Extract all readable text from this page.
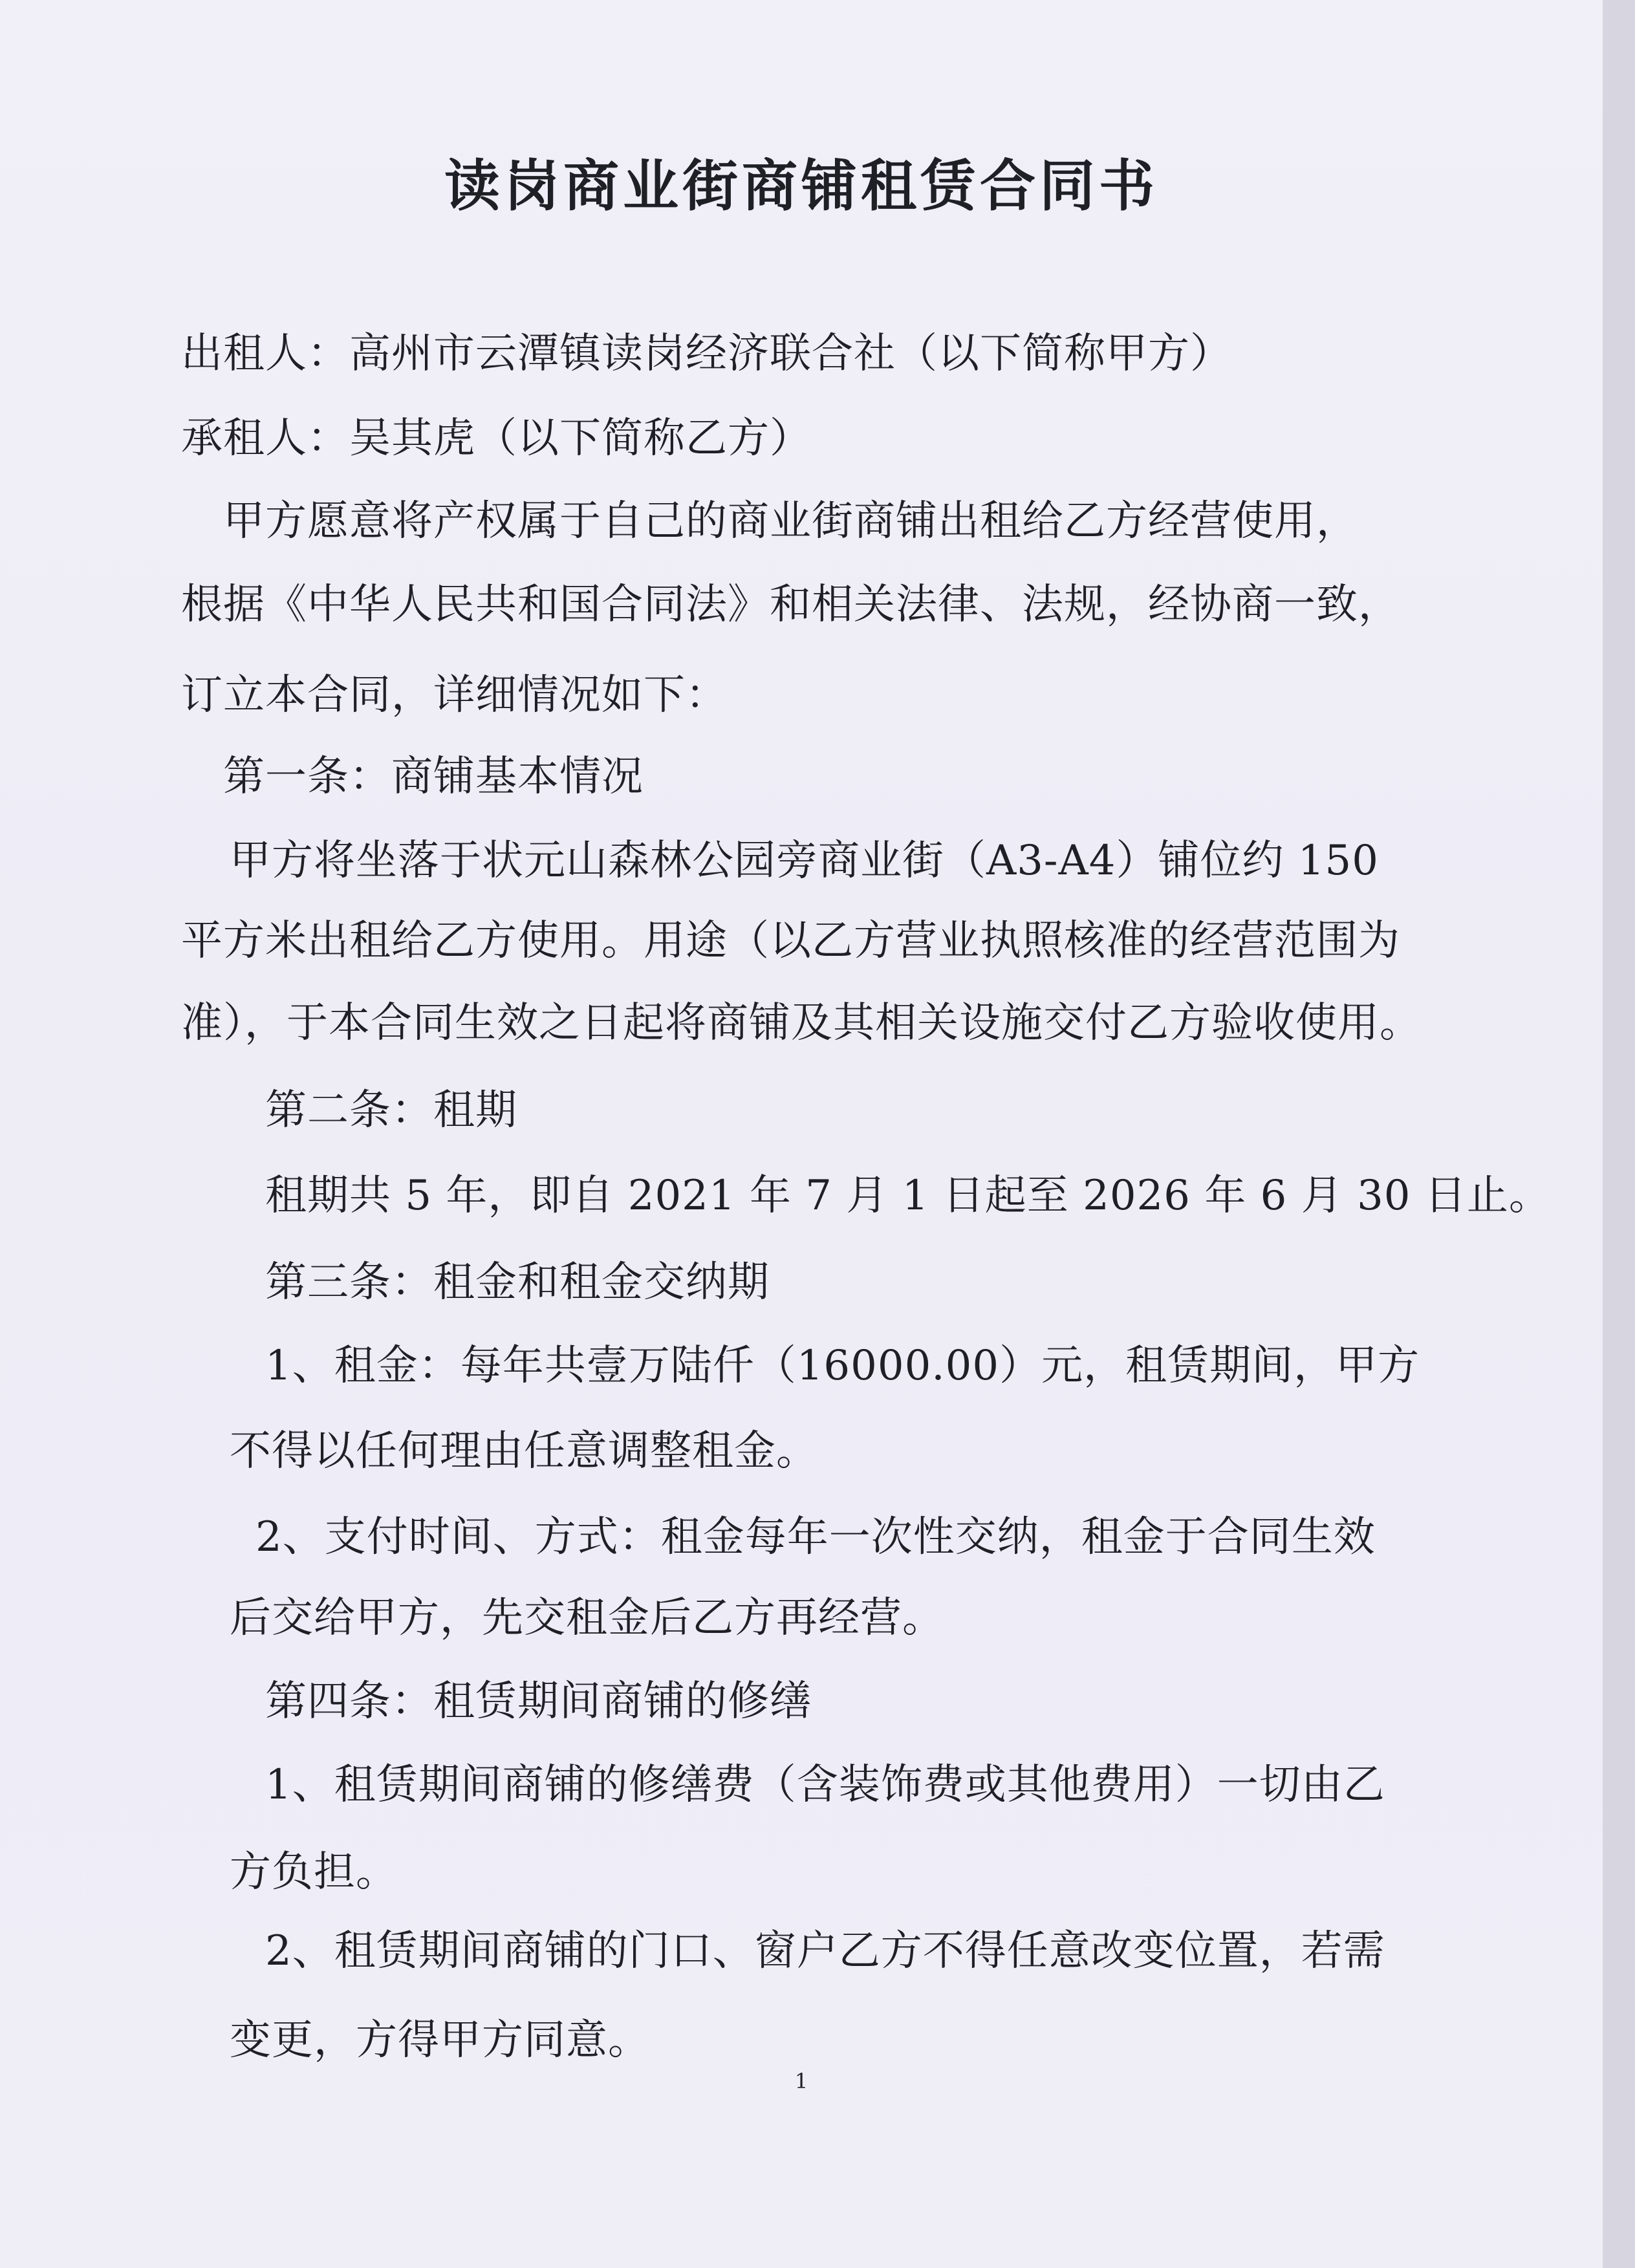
读岗商业街商铺租赁合同书
出租人：高州市云潭镇读岗经济联合社（以下简称甲方）
承租人：吴其虎（以下简称乙方）
甲方愿意将产权属于自己的商业街商铺出租给乙方经营使用，
根据《中华人民共和国合同法》和相关法律、法规，经协商一致，
订立本合同，详细情况如下：
第一条：商铺基本情况
甲方将坐落于状元山森林公园旁商业街（A3-A4）铺位约 150
平方米出租给乙方使用。用途（以乙方营业执照核准的经营范围为
准），于本合同生效之日起将商铺及其相关设施交付乙方验收使用。
第二条：租期
租期共 5 年，即自 2021 年 7 月 1 日起至 2026 年 6 月 30 日止。
第三条：租金和租金交纳期
1、租金：每年共壹万陆仟（16000.00）元，租赁期间，甲方
不得以任何理由任意调整租金。
2、支付时间、方式：租金每年一次性交纳，租金于合同生效
后交给甲方，先交租金后乙方再经营。
第四条：租赁期间商铺的修缮
1、租赁期间商铺的修缮费（含装饰费或其他费用）一切由乙
方负担。
2、租赁期间商铺的门口、窗户乙方不得任意改变位置，若需
变更，方得甲方同意。
1
